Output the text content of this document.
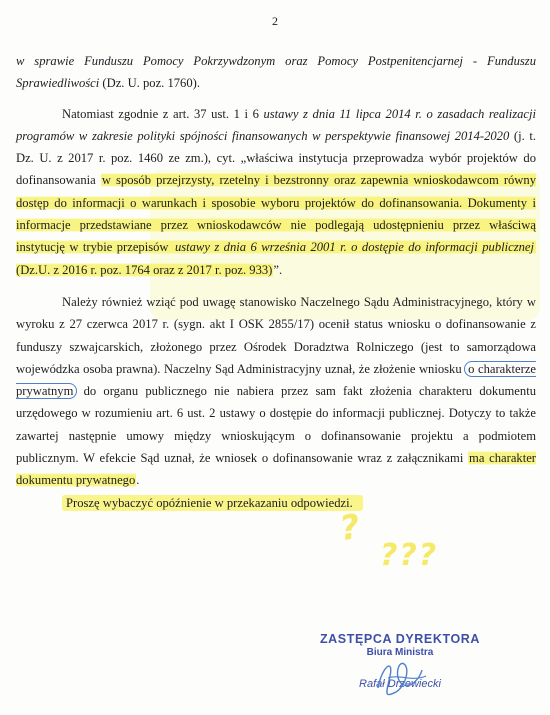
2

w sprawie Funduszu Pomocy Pokrzywdzonym oraz Pomocy Postpenitencjarnej - Funduszu Sprawiedliwości (Dz. U. poz. 1760).

Natomiast zgodnie z art. 37 ust. 1 i 6 ustawy z dnia 11 lipca 2014 r. o zasadach realizacji programów w zakresie polityki spójności finansowanych w perspektywie finansowej 2014-2020 (j. t. Dz. U. z 2017 r. poz. 1460 ze zm.), cyt. „właściwa instytucja przeprowadza wybór projektów do dofinansowania w sposób przejrzysty, rzetelny i bezstronny oraz zapewnia wnioskodawcom równy dostęp do informacji o warunkach i sposobie wyboru projektów do dofinansowania. Dokumenty i informacje przedstawiane przez wnioskodawców nie podlegają udostępnieniu przez właściwą instytucję w trybie przepisów ustawy z dnia 6 września 2001 r. o dostępie do informacji publicznej (Dz.U. z 2016 r. poz. 1764 oraz z 2017 r. poz. 933)”.

Należy również wziąć pod uwagę stanowisko Naczelnego Sądu Administracyjnego, który w wyroku z 27 czerwca 2017 r. (sygn. akt I OSK 2855/17) ocenił status wniosku o dofinansowanie z funduszy szwajcarskich, złożonego przez Ośrodek Doradztwa Rolniczego (jest to samorządowa wojewódzka osoba prawna). Naczelny Sąd Administracyjny uznał, że złożenie wniosku o charakterze prywatnym do organu publicznego nie nabiera przez sam fakt złożenia charakteru dokumentu urzędowego w rozumieniu art. 6 ust. 2 ustawy o dostępie do informacji publicznej. Dotyczy to także zawartej następnie umowy między wnioskującym o dofinansowanie projektu a podmiotem publicznym. W efekcie Sąd uznał, że wniosek o dofinansowanie wraz z załącznikami ma charakter dokumentu prywatnego.

Proszę wybaczyć opóźnienie w przekazaniu odpowiedzi.

?
???
ZASTĘPCA DYREKTORA
Biura Ministra
Rafał Drzewiecki
